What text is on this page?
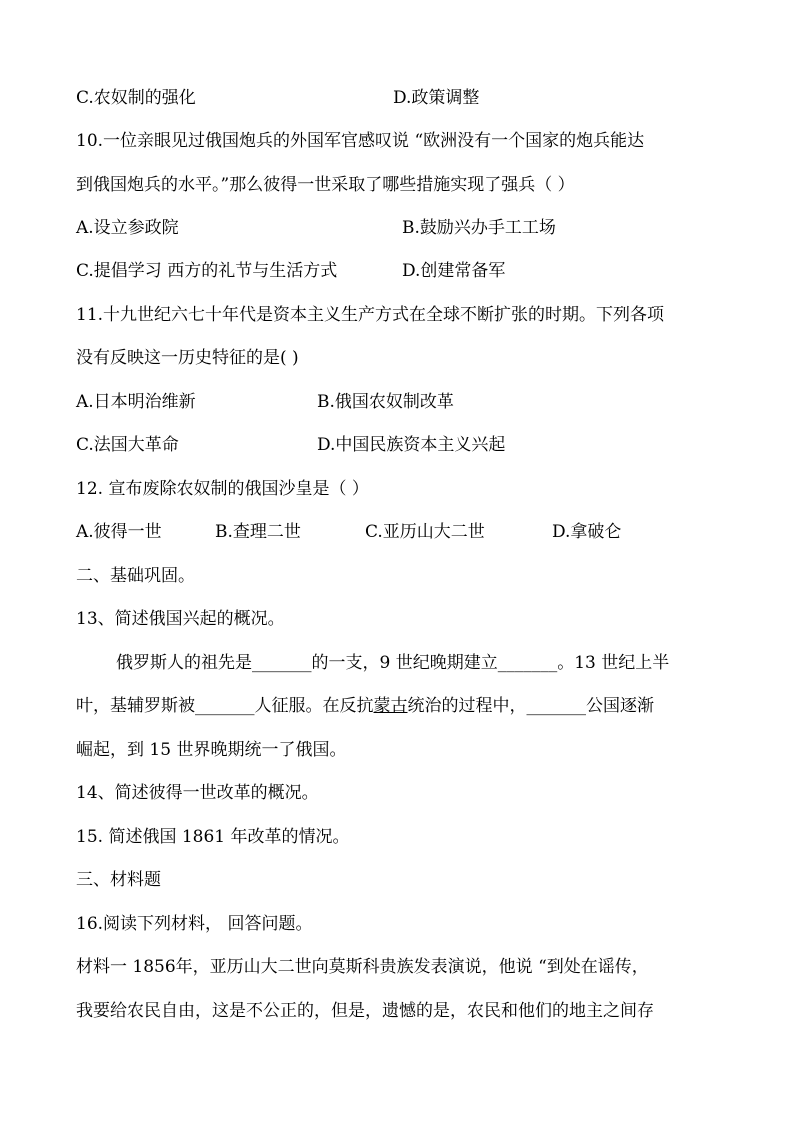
C.农奴制的强化	D.政策调整
10.一位亲眼见过俄国炮兵的外国军官感叹说 “欧洲没有一个国家的炮兵能达
到俄国炮兵的水平。”那么彼得一世采取了哪些措施实现了强兵（ ）
A.设立参政院	B.鼓励兴办手工工场
C.提倡学习 西方的礼节与生活方式	D.创建常备军
11.十九世纪六七十年代是资本主义生产方式在全球不断扩张的时期。下列各项
没有反映这一历史特征的是( )
A.日本明治维新	B.俄国农奴制改革
C.法国大革命	D.中国民族资本主义兴起
12. 宣布废除农奴制的俄国沙皇是（ ）
A.彼得一世	B.查理二世	C.亚历山大二世	D.拿破仑
二、基础巩固。
13、简述俄国兴起的概况。
俄罗斯人的祖先是_______的一支，9 世纪晚期建立_______。13 世纪上半
叶，基辅罗斯被_______人征服。在反抗蒙古统治的过程中，_______公国逐渐
崛起，到 15 世界晚期统一了俄国。
14、简述彼得一世改革的概况。
15. 简述俄国 1861 年改革的情况。
三、材料题
16.阅读下列材料， 回答问题。
材料一 1856年，亚历山大二世向莫斯科贵族发表演说，他说 “到处在谣传，
我要给农民自由，这是不公正的，但是，遗憾的是，农民和他们的地主之间存
